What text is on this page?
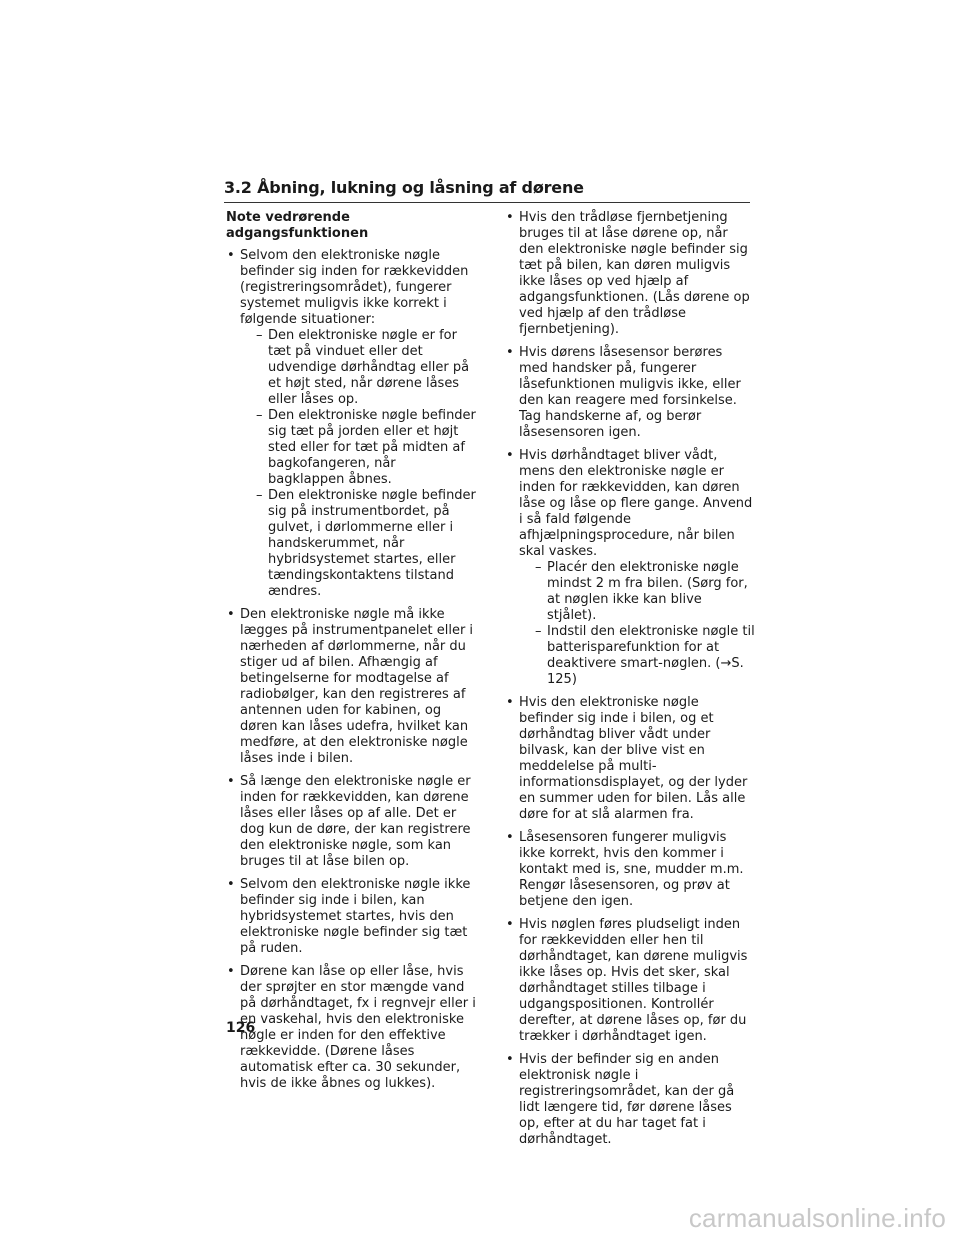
3.2 Åbning, lukning og låsning af dørene
Note vedrørende adgangsfunktionen
• Selvom den elektroniske nøgle befinder sig inden for rækkevidden (registreringsområdet), fungerer systemet muligvis ikke korrekt i følgende situationer:
– Den elektroniske nøgle er for tæt på vinduet eller det udvendige dørhåndtag eller på et højt sted, når dørene låses eller låses op.
– Den elektroniske nøgle befinder sig tæt på jorden eller et højt sted eller for tæt på midten af bagkofangeren, når bagklappen åbnes.
– Den elektroniske nøgle befinder sig på instrumentbordet, på gulvet, i dørlommerne eller i handskerummet, når hybridsystemet startes, eller tændingskontaktens tilstand ændres.
• Den elektroniske nøgle må ikke lægges på instrumentpanelet eller i nærheden af dørlommerne, når du stiger ud af bilen. Afhængig af betingelserne for modtagelse af radiobølger, kan den registreres af antennen uden for kabinen, og døren kan låses udefra, hvilket kan medføre, at den elektroniske nøgle låses inde i bilen.
• Så længe den elektroniske nøgle er inden for rækkevidden, kan dørene låses eller låses op af alle. Det er dog kun de døre, der kan registrere den elektroniske nøgle, som kan bruges til at låse bilen op.
• Selvom den elektroniske nøgle ikke befinder sig inde i bilen, kan hybridsystemet startes, hvis den elektroniske nøgle befinder sig tæt på ruden.
• Dørene kan låse op eller låse, hvis der sprøjter en stor mængde vand på dørhåndtaget, fx i regnvejr eller i en vaskehal, hvis den elektroniske nøgle er inden for den effektive rækkevidde. (Dørene låses automatisk efter ca. 30 sekunder, hvis de ikke åbnes og lukkes).
• Hvis den trådløse fjernbetjening bruges til at låse dørene op, når den elektroniske nøgle befinder sig tæt på bilen, kan døren muligvis ikke låses op ved hjælp af adgangsfunktionen. (Lås dørene op ved hjælp af den trådløse fjernbetjening).
• Hvis dørens låsesensor berøres med handsker på, fungerer låsefunktionen muligvis ikke, eller den kan reagere med forsinkelse. Tag handskerne af, og berør låsesensoren igen.
• Hvis dørhåndtaget bliver vådt, mens den elektroniske nøgle er inden for rækkevidden, kan døren låse og låse op flere gange. Anvend i så fald følgende afhjælpningsprocedure, når bilen skal vaskes.
– Placér den elektroniske nøgle mindst 2 m fra bilen. (Sørg for, at nøglen ikke kan blive stjålet).
– Indstil den elektroniske nøgle til batterisparefunktion for at deaktivere smart-nøglen. (→S. 125)
• Hvis den elektroniske nøgle befinder sig inde i bilen, og et dørhåndtag bliver vådt under bilvask, kan der blive vist en meddelelse på multi-informationsdisplayet, og der lyder en summer uden for bilen. Lås alle døre for at slå alarmen fra.
• Låsesensoren fungerer muligvis ikke korrekt, hvis den kommer i kontakt med is, sne, mudder m.m. Rengør låsesensoren, og prøv at betjene den igen.
• Hvis nøglen føres pludseligt inden for rækkevidden eller hen til dørhåndtaget, kan dørene muligvis ikke låses op. Hvis det sker, skal dørhåndtaget stilles tilbage i udgangspositionen. Kontrollér derefter, at dørene låses op, før du trækker i dørhåndtaget igen.
• Hvis der befinder sig en anden elektronisk nøgle i registreringsområdet, kan der gå lidt længere tid, før dørene låses op, efter at du har taget fat i dørhåndtaget.
126
carmanualsonline.info
